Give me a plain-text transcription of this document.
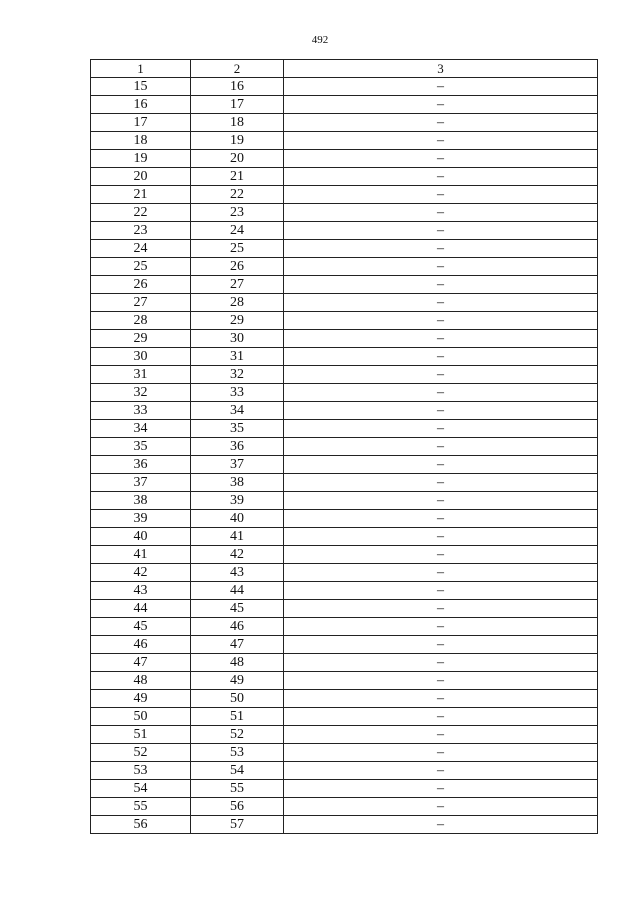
492
1	2	3
15	16	–
16	17	–
17	18	–
18	19	–
19	20	–
20	21	–
21	22	–
22	23	–
23	24	–
24	25	–
25	26	–
26	27	–
27	28	–
28	29	–
29	30	–
30	31	–
31	32	–
32	33	–
33	34	–
34	35	–
35	36	–
36	37	–
37	38	–
38	39	–
39	40	–
40	41	–
41	42	–
42	43	–
43	44	–
44	45	–
45	46	–
46	47	–
47	48	–
48	49	–
49	50	–
50	51	–
51	52	–
52	53	–
53	54	–
54	55	–
55	56	–
56	57	–
